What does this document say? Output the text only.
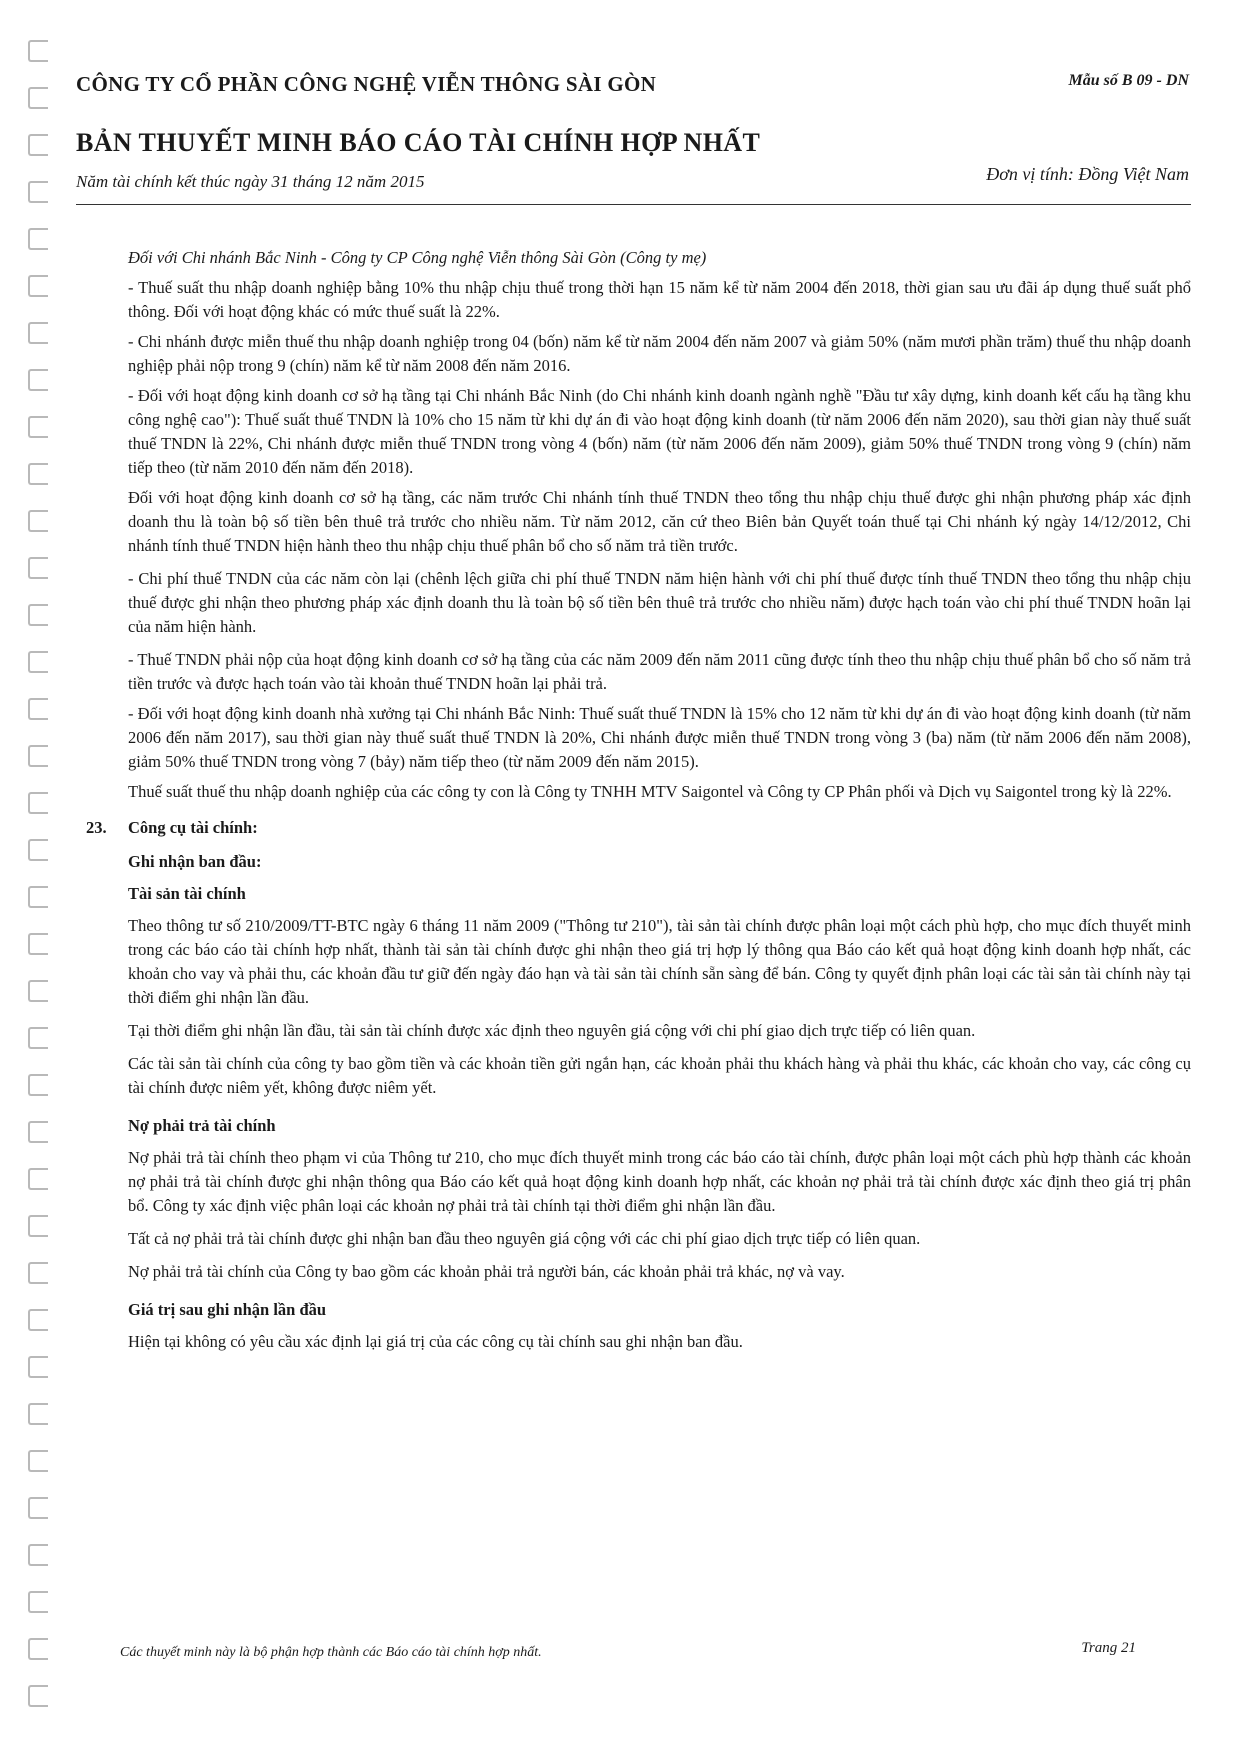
CÔNG TY CỔ PHẦN CÔNG NGHỆ VIỄN THÔNG SÀI GÒN	Mẫu số B 09 - DN
BẢN THUYẾT MINH BÁO CÁO TÀI CHÍNH HỢP NHẤT
Năm tài chính kết thúc ngày 31 tháng 12 năm 2015	Đơn vị tính: Đồng Việt Nam

Đối với Chi nhánh Bắc Ninh - Công ty CP Công nghệ Viễn thông Sài Gòn (Công ty mẹ)

- Thuế suất thu nhập doanh nghiệp bằng 10% thu nhập chịu thuế trong thời hạn 15 năm kể từ năm 2004 đến 2018, thời gian sau ưu đãi áp dụng thuế suất phổ thông. Đối với hoạt động khác có mức thuế suất là 22%.

- Chi nhánh được miễn thuế thu nhập doanh nghiệp trong 04 (bốn) năm kể từ năm 2004 đến năm 2007 và giảm 50% (năm mươi phần trăm) thuế thu nhập doanh nghiệp phải nộp trong 9 (chín) năm kể từ năm 2008 đến năm 2016.

- Đối với hoạt động kinh doanh cơ sở hạ tầng tại Chi nhánh Bắc Ninh (do Chi nhánh kinh doanh ngành nghề "Đầu tư xây dựng, kinh doanh kết cấu hạ tầng khu công nghệ cao"): Thuế suất thuế TNDN là 10% cho 15 năm từ khi dự án đi vào hoạt động kinh doanh (từ năm 2006 đến năm 2020), sau thời gian này thuế suất thuế TNDN là 22%, Chi nhánh được miễn thuế TNDN trong vòng 4 (bốn) năm (từ năm 2006 đến năm 2009), giảm 50% thuế TNDN trong vòng 9 (chín) năm tiếp theo (từ năm 2010 đến năm đến 2018).

Đối với hoạt động kinh doanh cơ sở hạ tầng, các năm trước Chi nhánh tính thuế TNDN theo tổng thu nhập chịu thuế được ghi nhận phương pháp xác định doanh thu là toàn bộ số tiền bên thuê trả trước cho nhiều năm. Từ năm 2012, căn cứ theo Biên bản Quyết toán thuế tại Chi nhánh ký ngày 14/12/2012, Chi nhánh tính thuế TNDN hiện hành theo thu nhập chịu thuế phân bổ cho số năm trả tiền trước.

- Chi phí thuế TNDN của các năm còn lại (chênh lệch giữa chi phí thuế TNDN năm hiện hành với chi phí thuế được tính thuế TNDN theo tổng thu nhập chịu thuế được ghi nhận theo phương pháp xác định doanh thu là toàn bộ số tiền bên thuê trả trước cho nhiều năm) được hạch toán vào chi phí thuế TNDN hoãn lại của năm hiện hành.

- Thuế TNDN phải nộp của hoạt động kinh doanh cơ sở hạ tầng của các năm 2009 đến năm 2011 cũng được tính theo thu nhập chịu thuế phân bổ cho số năm trả tiền trước và được hạch toán vào tài khoản thuế TNDN hoãn lại phải trả.

- Đối với hoạt động kinh doanh nhà xưởng tại Chi nhánh Bắc Ninh: Thuế suất thuế TNDN là 15% cho 12 năm từ khi dự án đi vào hoạt động kinh doanh (từ năm 2006 đến năm 2017), sau thời gian này thuế suất thuế TNDN là 20%, Chi nhánh được miễn thuế TNDN trong vòng 3 (ba) năm (từ năm 2006 đến năm 2008), giảm 50% thuế TNDN trong vòng 7 (bảy) năm tiếp theo (từ năm 2009 đến năm 2015).

Thuế suất thuế thu nhập doanh nghiệp của các công ty con là Công ty TNHH MTV Saigontel và Công ty CP Phân phối và Dịch vụ Saigontel trong kỳ là 22%.

23. Công cụ tài chính:

Ghi nhận ban đầu:

Tài sản tài chính

Theo thông tư số 210/2009/TT-BTC ngày 6 tháng 11 năm 2009 ("Thông tư 210"), tài sản tài chính được phân loại một cách phù hợp, cho mục đích thuyết minh trong các báo cáo tài chính hợp nhất, thành tài sản tài chính được ghi nhận theo giá trị hợp lý thông qua Báo cáo kết quả hoạt động kinh doanh hợp nhất, các khoản cho vay và phải thu, các khoản đầu tư giữ đến ngày đáo hạn và tài sản tài chính sẵn sàng để bán. Công ty quyết định phân loại các tài sản tài chính này tại thời điểm ghi nhận lần đầu.

Tại thời điểm ghi nhận lần đầu, tài sản tài chính được xác định theo nguyên giá cộng với chi phí giao dịch trực tiếp có liên quan.

Các tài sản tài chính của công ty bao gồm tiền và các khoản tiền gửi ngắn hạn, các khoản phải thu khách hàng và phải thu khác, các khoản cho vay, các công cụ tài chính được niêm yết, không được niêm yết.

Nợ phải trả tài chính

Nợ phải trả tài chính theo phạm vi của Thông tư 210, cho mục đích thuyết minh trong các báo cáo tài chính, được phân loại một cách phù hợp thành các khoản nợ phải trả tài chính được ghi nhận thông qua Báo cáo kết quả hoạt động kinh doanh hợp nhất, các khoản nợ phải trả tài chính được xác định theo giá trị phân bổ. Công ty xác định việc phân loại các khoản nợ phải trả tài chính tại thời điểm ghi nhận lần đầu.

Tất cả nợ phải trả tài chính được ghi nhận ban đầu theo nguyên giá cộng với các chi phí giao dịch trực tiếp có liên quan.

Nợ phải trả tài chính của Công ty bao gồm các khoản phải trả người bán, các khoản phải trả khác, nợ và vay.

Giá trị sau ghi nhận lần đầu

Hiện tại không có yêu cầu xác định lại giá trị của các công cụ tài chính sau ghi nhận ban đầu.

Các thuyết minh này là bộ phận hợp thành các Báo cáo tài chính hợp nhất.	Trang 21
